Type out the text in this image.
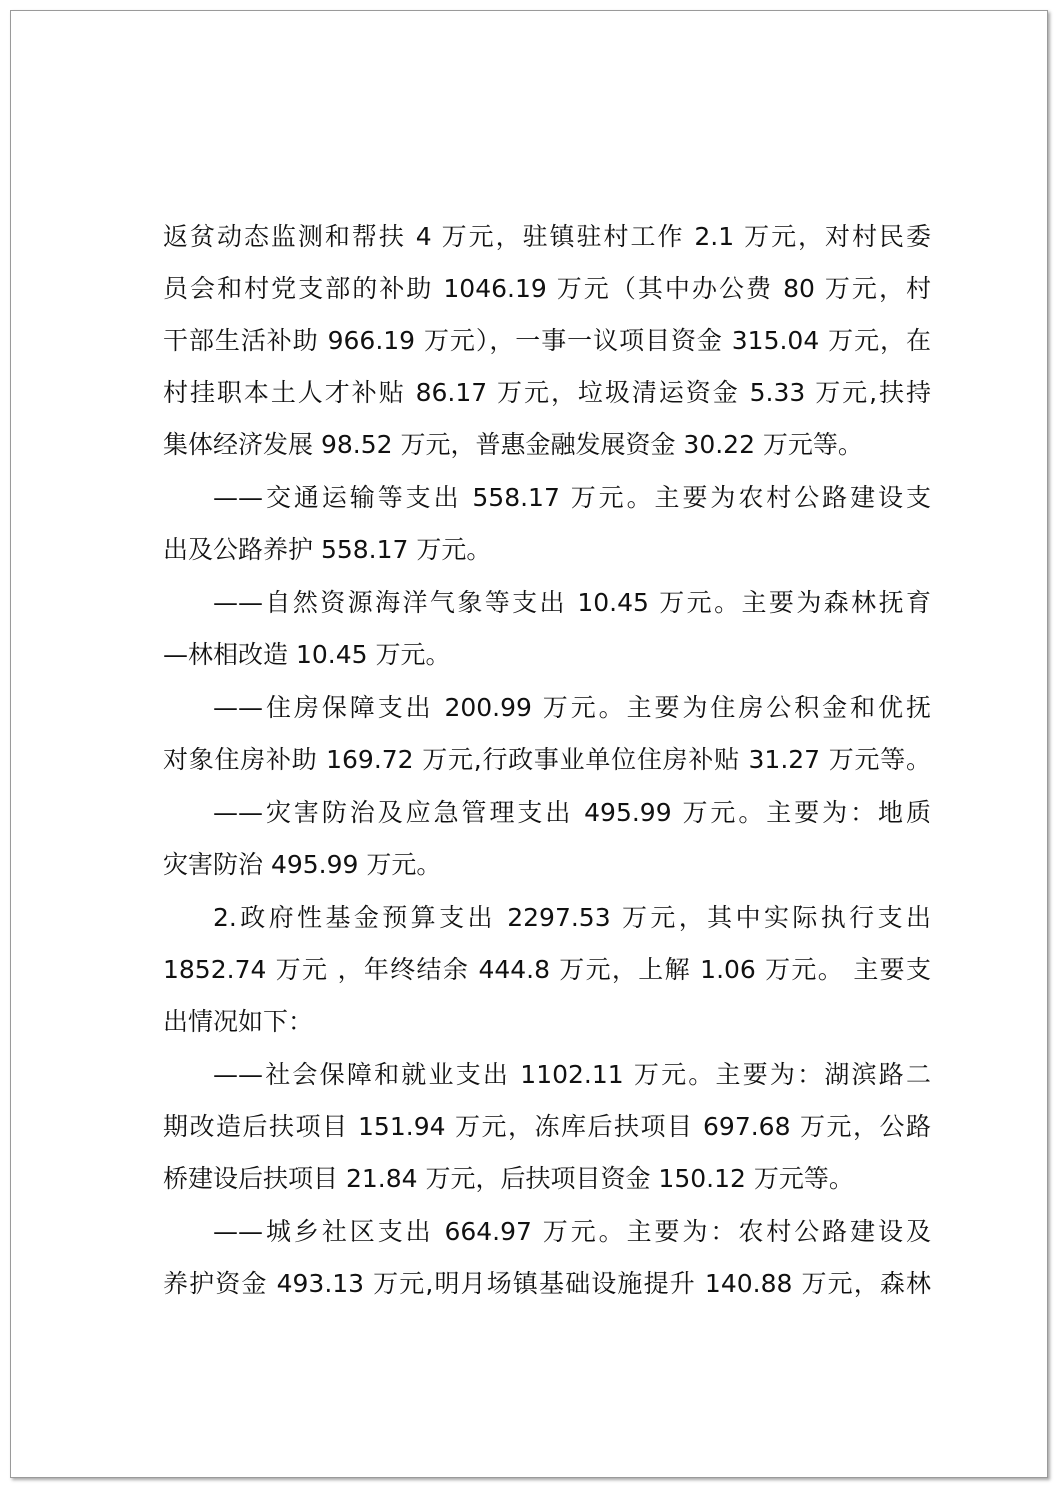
返贫动态监测和帮扶 4 万元，驻镇驻村工作 2.1 万元，对村民委
员会和村党支部的补助 1046.19 万元（其中办公费 80 万元，村
干部生活补助 966.19 万元），一事一议项目资金 315.04 万元，在
村挂职本土人才补贴 86.17 万元，垃圾清运资金 5.33 万元,扶持
集体经济发展 98.52 万元，普惠金融发展资金 30.22 万元等。
——交通运输等支出 558.17 万元。主要为农村公路建设支
出及公路养护 558.17 万元。
——自然资源海洋气象等支出 10.45 万元。主要为森林抚育
—林相改造 10.45 万元。
——住房保障支出 200.99 万元。主要为住房公积金和优抚
对象住房补助 169.72 万元,行政事业单位住房补贴 31.27 万元等。
——灾害防治及应急管理支出 495.99 万元。主要为：地质
灾害防治 495.99 万元。
2.政府性基金预算支出 2297.53 万元，其中实际执行支出
1852.74 万元 ，年终结余 444.8 万元，上解 1.06 万元。 主要支
出情况如下：
——社会保障和就业支出 1102.11 万元。主要为：湖滨路二
期改造后扶项目 151.94 万元，冻库后扶项目 697.68 万元，公路
桥建设后扶项目 21.84 万元，后扶项目资金 150.12 万元等。
——城乡社区支出 664.97 万元。主要为：农村公路建设及
养护资金 493.13 万元,明月场镇基础设施提升 140.88 万元，森林
